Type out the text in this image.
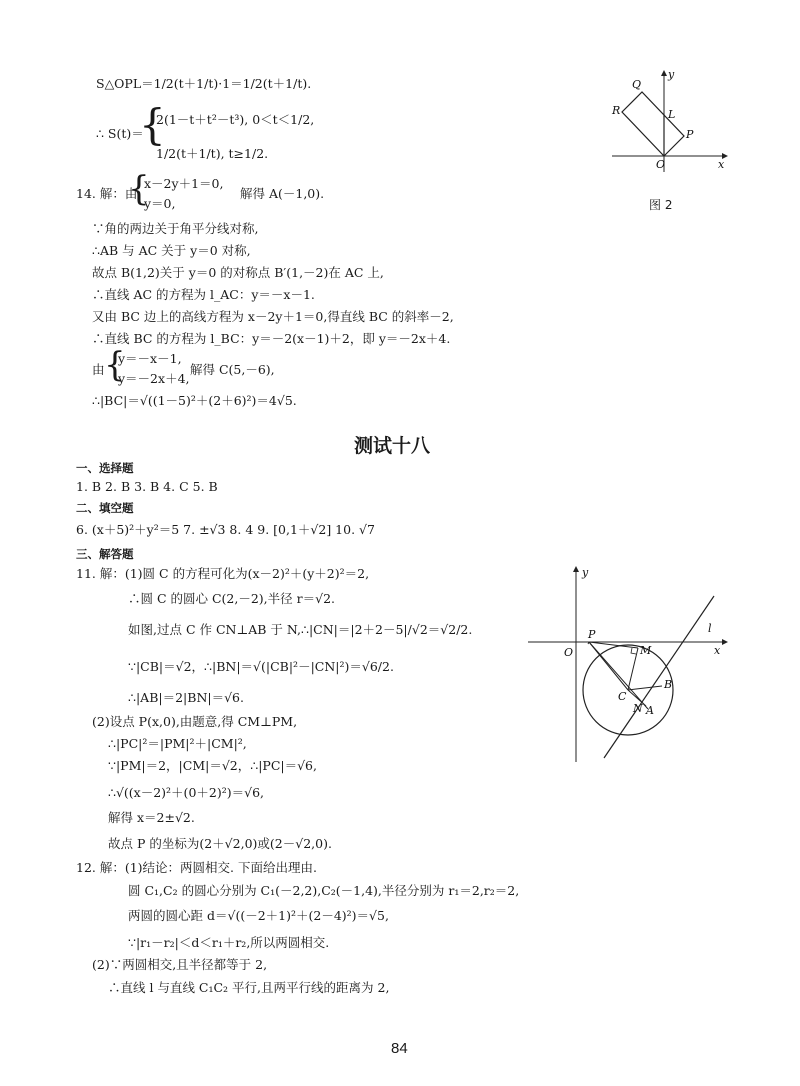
S△OPL＝1/2(t＋1/t)·1＝1/2(t＋1/t).
∴ S(t)＝
{
2(1－t＋t²－t³), 0＜t＜1/2,
1/2(t＋1/t), t≥1/2.
14. 解：由
{
x－2y＋1＝0,
y＝0,
解得 A(－1,0).
∵角的两边关于角平分线对称,
∴AB 与 AC 关于 y＝0 对称,
故点 B(1,2)关于 y＝0 的对称点 B′(1,－2)在 AC 上,
∴直线 AC 的方程为 l_AC：y＝－x－1.
又由 BC 边上的高线方程为 x－2y＋1＝0,得直线 BC 的斜率－2,
∴直线 BC 的方程为 l_BC：y＝－2(x－1)＋2，即 y＝－2x＋4.
由 {
y＝－x－1,
y＝－2x＋4,
解得 C(5,－6),
∴|BC|＝√((1－5)²＋(2＋6)²)＝4√5.
Q
R	L
P
O	x
y
图 2
测试十八
一、选择题
1. B 2. B 3. B 4. C 5. B
二、填空题
6. (x＋5)²＋y²＝5 7. ±√3 8. 4 9. [0,1＋√2] 10. √7
三、解答题
11. 解：(1)圆 C 的方程可化为(x－2)²＋(y＋2)²＝2,
∴圆 C 的圆心 C(2,－2),半径 r＝√2.
如图,过点 C 作 CN⊥AB 于 N,∴|CN|＝|2＋2－5|/√2＝√2/2.
∵|CB|＝√2，∴|BN|＝√(|CB|²－|CN|²)＝√6/2.
∴|AB|＝2|BN|＝√6.
(2)设点 P(x,0),由题意,得 CM⊥PM,
∴|PC|²＝|PM|²＋|CM|²,
∵|PM|＝2，|CM|＝√2，∴|PC|＝√6,
∴√((x－2)²＋(0＋2)²)＝√6,
解得 x＝2±√2.
故点 P 的坐标为(2＋√2,0)或(2－√2,0).
y
O
P
M
l
x
C
B
N A
12. 解：(1)结论：两圆相交. 下面给出理由.
圆 C₁,C₂ 的圆心分别为 C₁(－2,2),C₂(－1,4),半径分别为 r₁＝2,r₂＝2,
两圆的圆心距 d＝√((－2＋1)²＋(2－4)²)＝√5,
∵|r₁－r₂|＜d＜r₁＋r₂,所以两圆相交.
(2)∵两圆相交,且半径都等于 2,
∴直线 l 与直线 C₁C₂ 平行,且两平行线的距离为 2,
84
